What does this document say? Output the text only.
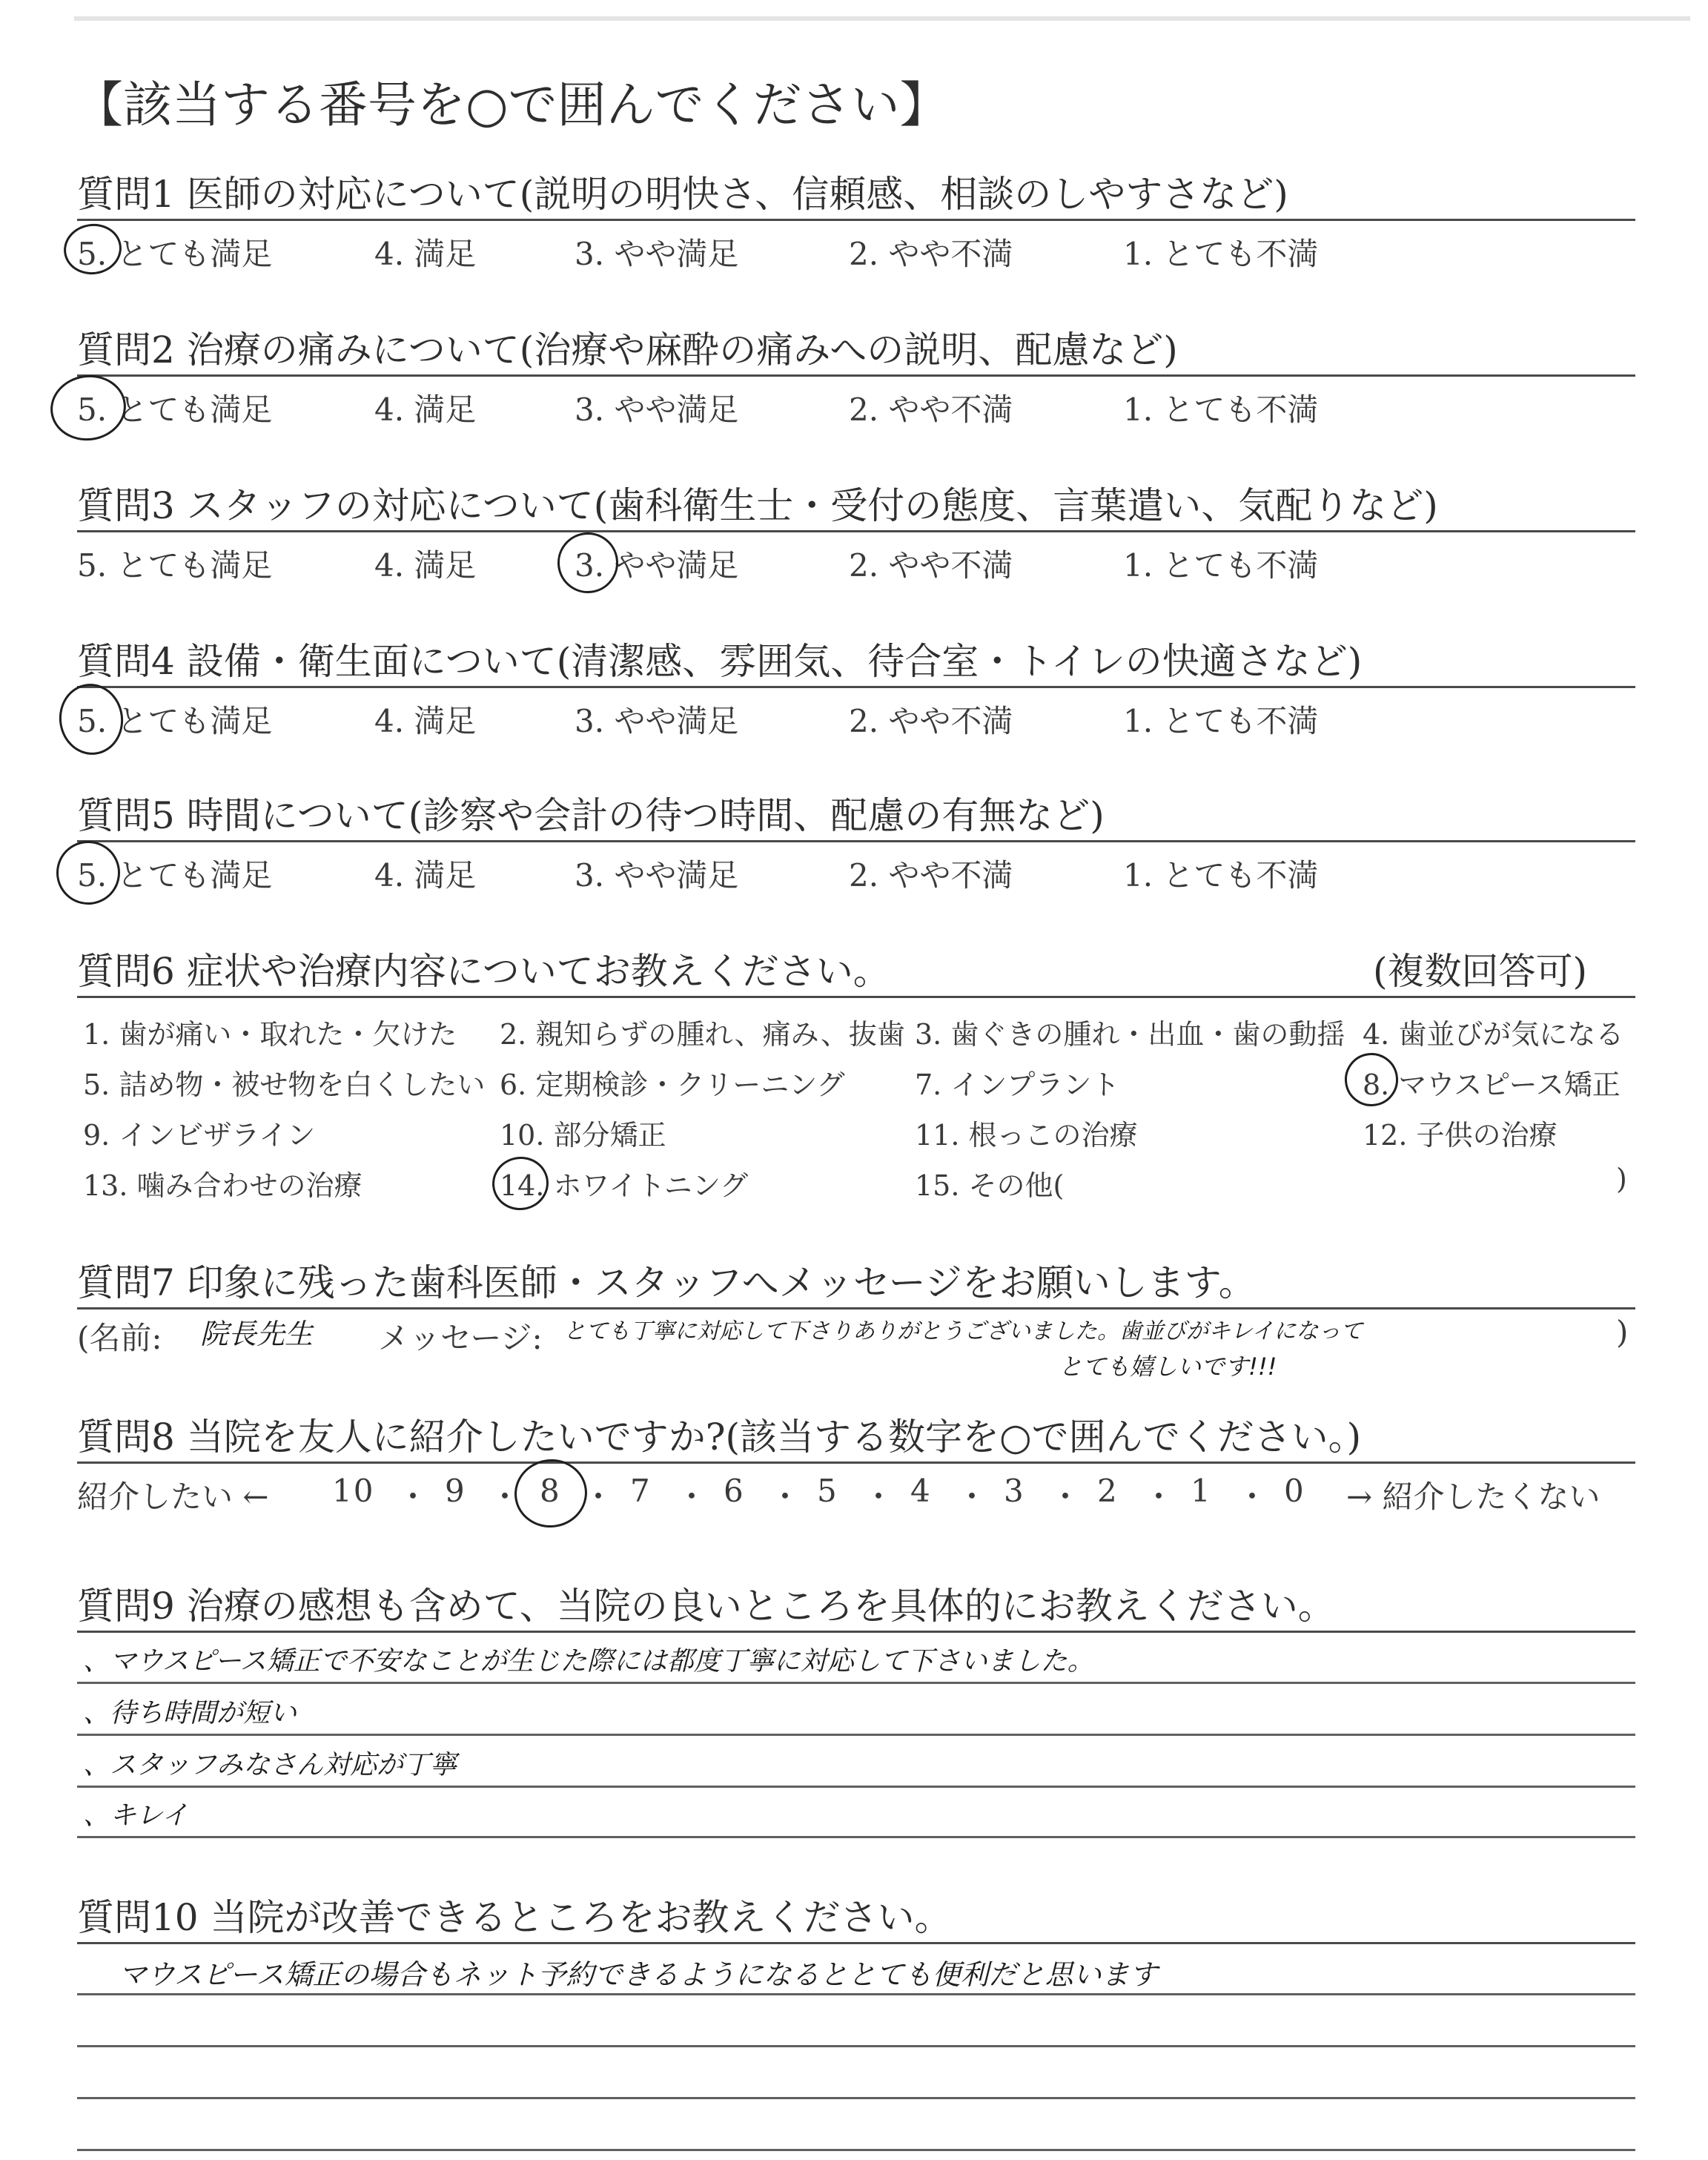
【該当する番号を○で囲んでください】
質問1 医師の対応について(説明の明快さ、信頼感、相談のしやすさなど)
5. とても満足	4. 満足	3. やや満足	2. やや不満	1. とても不満
質問2 治療の痛みについて(治療や麻酔の痛みへの説明、配慮など)
5. とても満足	4. 満足	3. やや満足	2. やや不満	1. とても不満
質問3 スタッフの対応について(歯科衛生士・受付の態度、言葉遣い、気配りなど)
5. とても満足	4. 満足	3. やや満足	2. やや不満	1. とても不満
質問4 設備・衛生面について(清潔感、雰囲気、待合室・トイレの快適さなど)
5. とても満足	4. 満足	3. やや満足	2. やや不満	1. とても不満
質問5 時間について(診察や会計の待つ時間、配慮の有無など)
5. とても満足	4. 満足	3. やや満足	2. やや不満	1. とても不満
質問6 症状や治療内容についてお教えください。	(複数回答可)
1. 歯が痛い・取れた・欠けた 2. 親知らずの腫れ、痛み、抜歯 3. 歯ぐきの腫れ・出血・歯の動揺 4. 歯並びが気になる
5. 詰め物・被せ物を白くしたい 6. 定期検診・クリーニング 7. インプラント	8. マウスピース矯正
9. インビザライン	10. 部分矯正	11. 根っこの治療	12. 子供の治療
13. 噛み合わせの治療	14. ホワイトニング	15. その他(	)
質問7 印象に残った歯科医師・スタッフへメッセージをお願いします。
(名前: 院長先生 メッセージ: とても丁寧に対応して下さりありがとうございました。歯並びがキレイになって
とても嬉しいです!!!
)
質問8 当院を友人に紹介したいですか?(該当する数字を○で囲んでください。)
紹介したい ← 10 ・ 9 ・ 8 ・ 7 ・ 6 ・ 5 ・ 4 ・ 3 ・ 2 ・ 1 ・ 0 → 紹介したくない
質問9 治療の感想も含めて、当院の良いところを具体的にお教えください。
、マウスピース矯正で不安なことが生じた際には都度丁寧に対応して下さいました。
、待ち時間が短い
、スタッフみなさん対応が丁寧
、キレイ
質問10 当院が改善できるところをお教えください。
マウスピース矯正の場合もネット予約できるようになるととても便利だと思います
